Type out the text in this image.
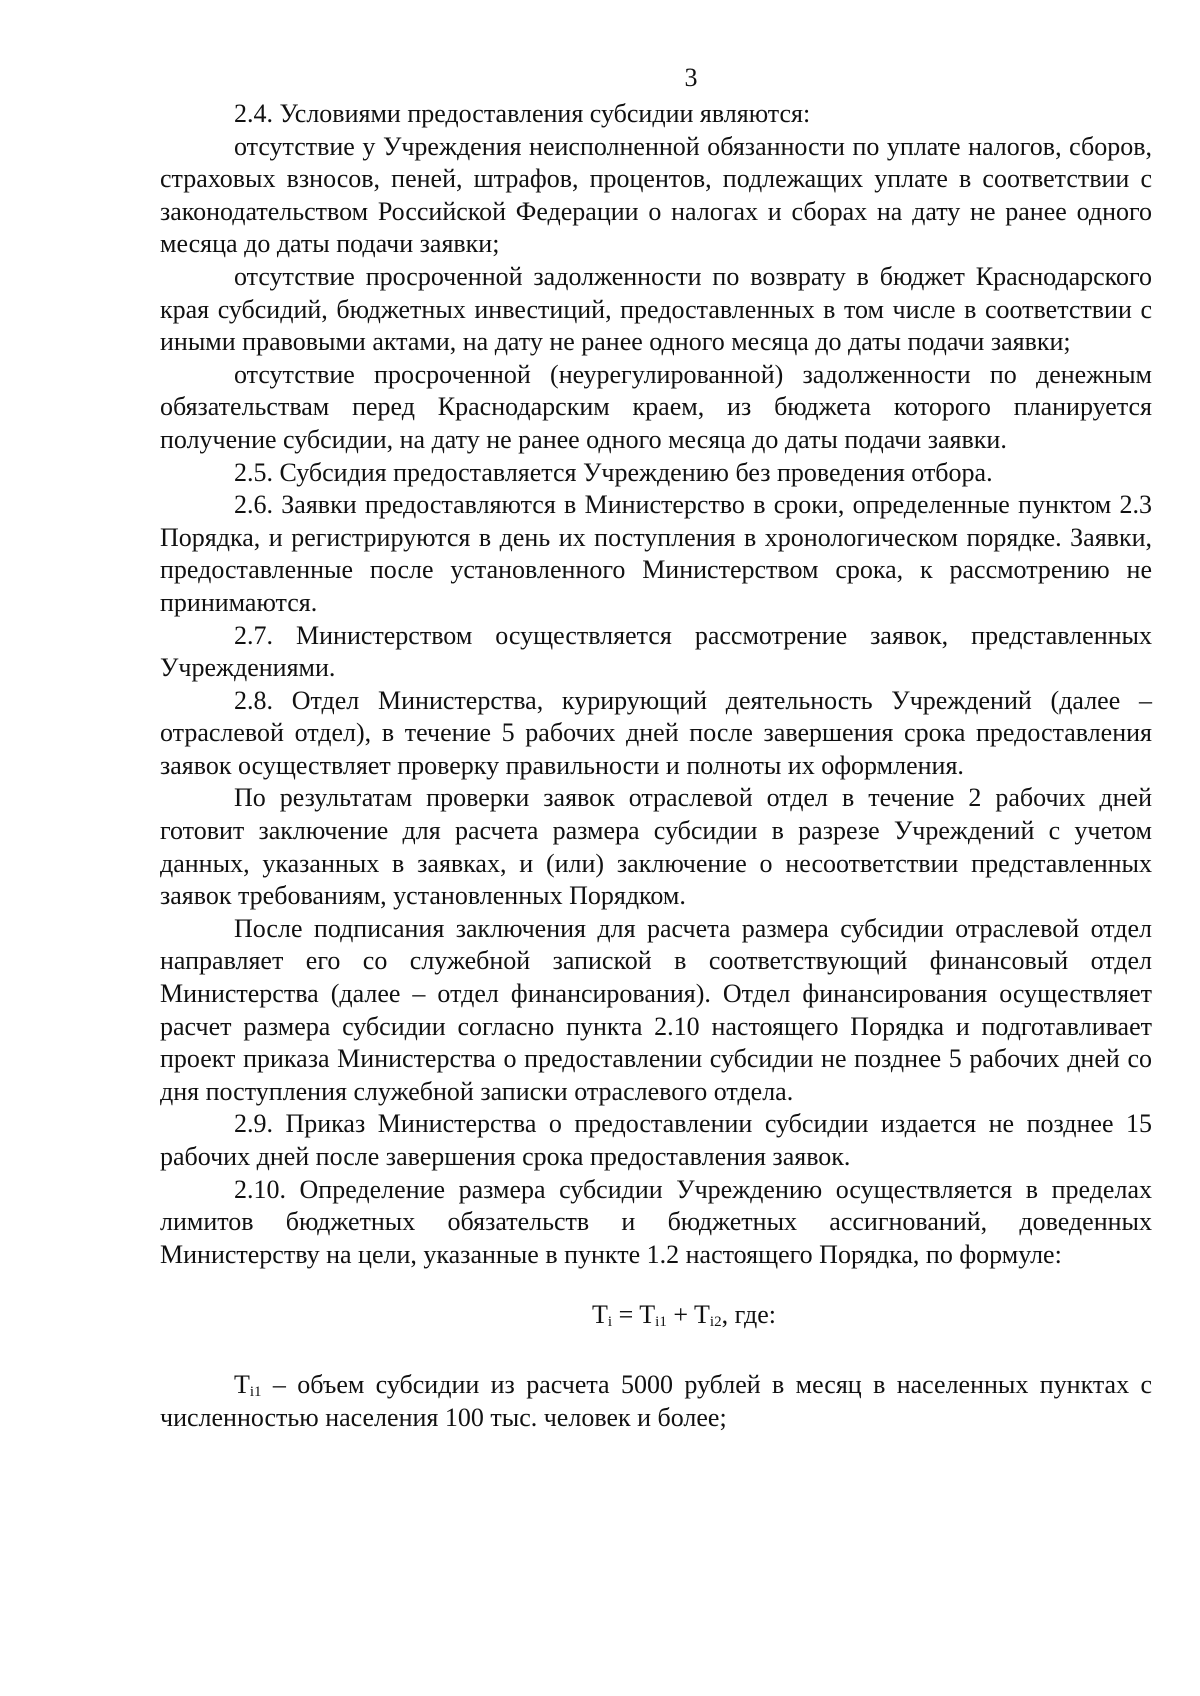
3

2.4. Условиями предоставления субсидии являются:

отсутствие у Учреждения неисполненной обязанности по уплате налогов, сборов, страховых взносов, пеней, штрафов, процентов, подлежащих уплате в соответствии с законодательством Российской Федерации о налогах и сборах на дату не ранее одного месяца до даты подачи заявки;

отсутствие просроченной задолженности по возврату в бюджет Краснодарского края субсидий, бюджетных инвестиций, предоставленных в том числе в соответствии с иными правовыми актами, на дату не ранее одного месяца до даты подачи заявки;

отсутствие просроченной (неурегулированной) задолженности по денежным обязательствам перед Краснодарским краем, из бюджета которого планируется получение субсидии, на дату не ранее одного месяца до даты подачи заявки.

2.5. Субсидия предоставляется Учреждению без проведения отбора.

2.6. Заявки предоставляются в Министерство в сроки, определенные пунктом 2.3 Порядка, и регистрируются в день их поступления в хронологическом порядке. Заявки, предоставленные после установленного Министерством срока, к рассмотрению не принимаются.

2.7. Министерством осуществляется рассмотрение заявок, представленных Учреждениями.

2.8. Отдел Министерства, курирующий деятельность Учреждений (далее – отраслевой отдел), в течение 5 рабочих дней после завершения срока предоставления заявок осуществляет проверку правильности и полноты их оформления.

По результатам проверки заявок отраслевой отдел в течение 2 рабочих дней готовит заключение для расчета размера субсидии в разрезе Учреждений с учетом данных, указанных в заявках, и (или) заключение о несоответствии представленных заявок требованиям, установленных Порядком.

После подписания заключения для расчета размера субсидии отраслевой отдел направляет его со служебной запиской в соответствующий финансовый отдел Министерства (далее – отдел финансирования). Отдел финансирования осуществляет расчет размера субсидии согласно пункта 2.10 настоящего Порядка и подготавливает проект приказа Министерства о предоставлении субсидии не позднее 5 рабочих дней со дня поступления служебной записки отраслевого отдела.

2.9. Приказ Министерства о предоставлении субсидии издается не позднее 15 рабочих дней после завершения срока предоставления заявок.

2.10. Определение размера субсидии Учреждению осуществляется в пределах лимитов бюджетных обязательств и бюджетных ассигнований, доведенных Министерству на цели, указанные в пункте 1.2 настоящего Порядка, по формуле:

$T_i = T_{i1} + T_{i2}$, где:

$T_{i1}$ – объем субсидии из расчета 5000 рублей в месяц в населенных пунктах с численностью населения 100 тыс. человек и более;
